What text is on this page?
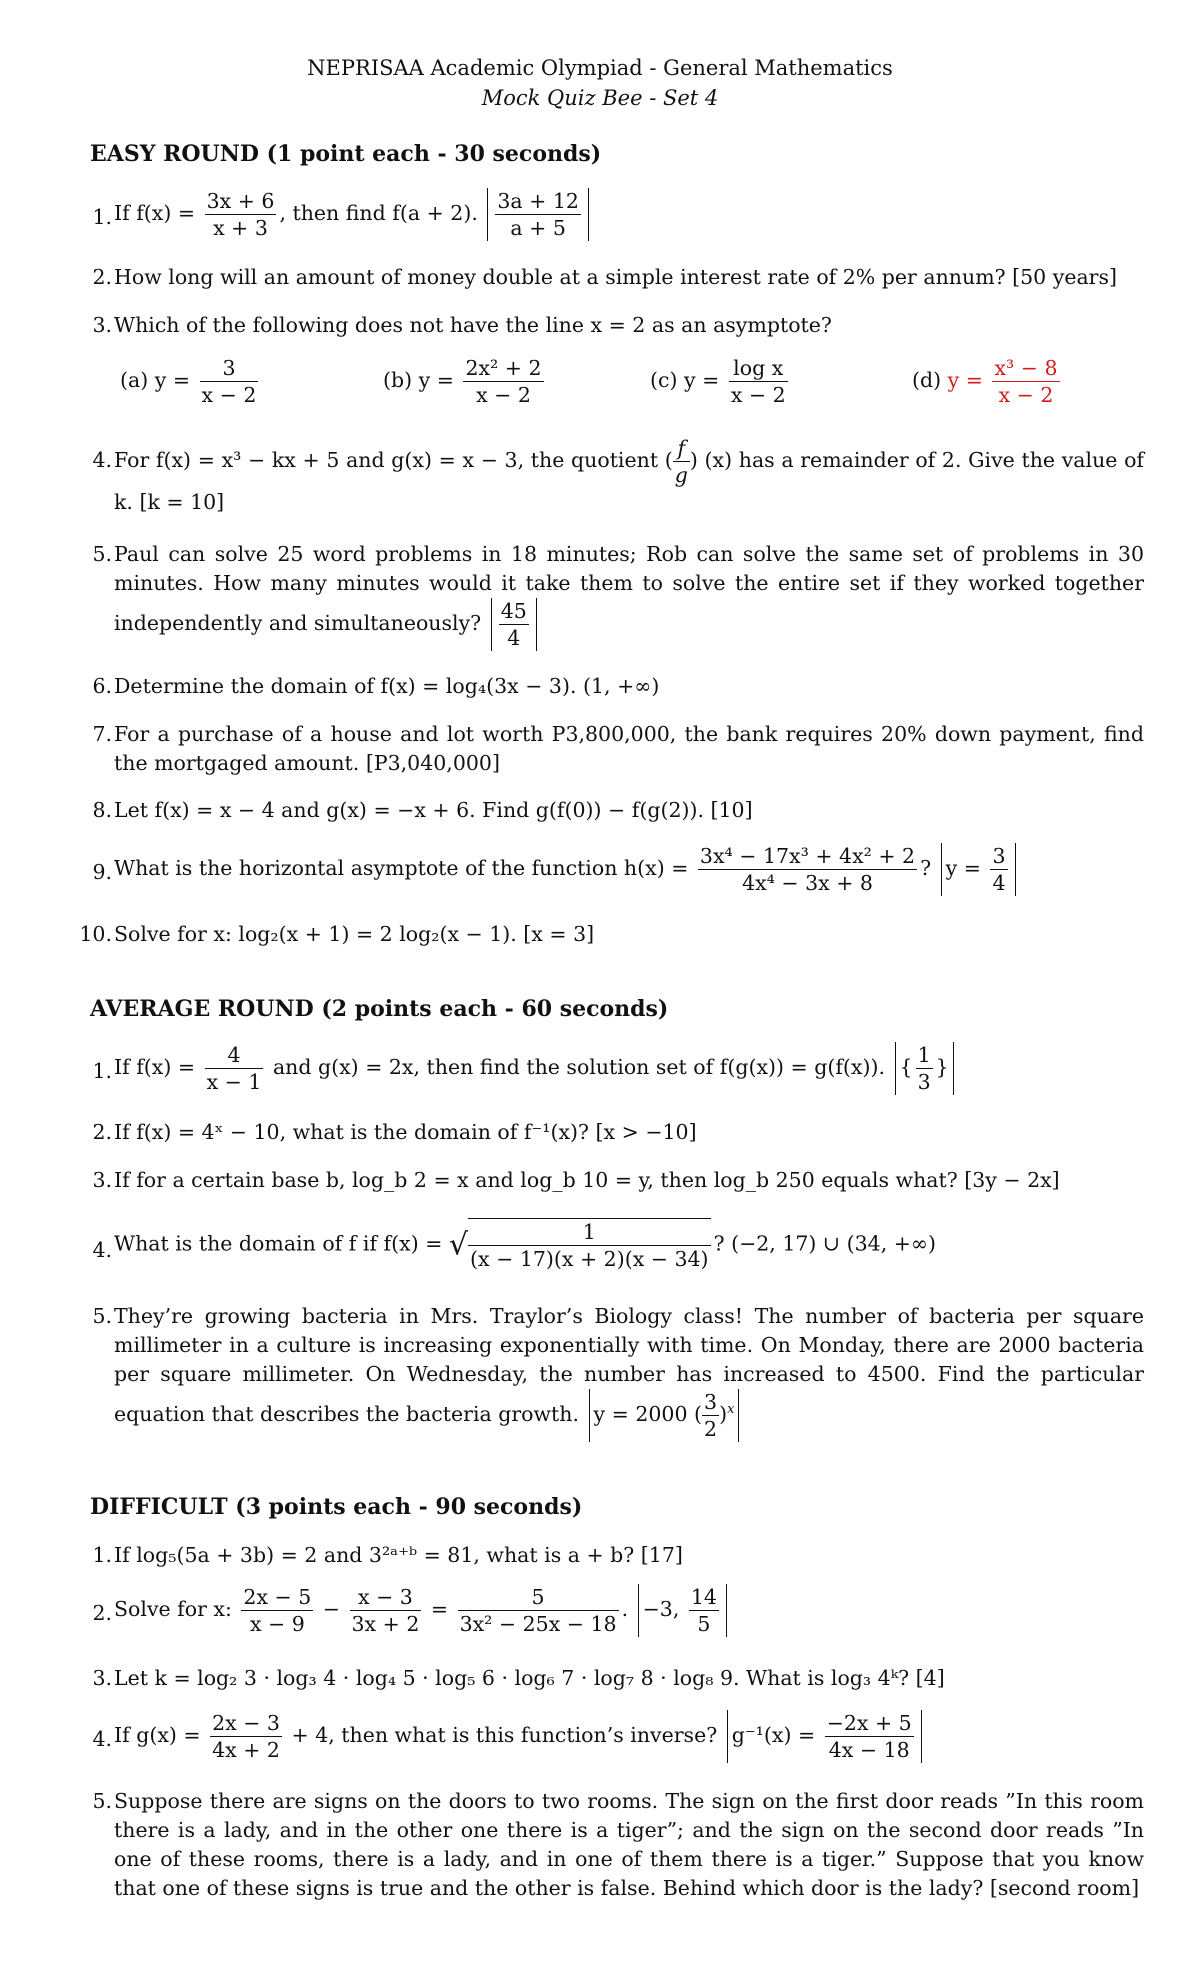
NEPRISAA Academic Olympiad - General Mathematics
Mock Quiz Bee - Set 4
EASY ROUND (1 point each - 30 seconds)
1. If $f(x) = \frac{3x + 6}{x + 3}$ , then find f(a + 2). $\frac{3a + 12}{a + 5}$
2. How long will an amount of money double at a simple interest rate of 2% per annum? [50 years]
3. Which of the following does not have the line x = 2 as an asymptote?
(a) $y = \frac{3}{x - 2}$	(b) $y = \frac{\text{2x² + 2}}{x - 2}$	(c) $y = \frac{\text{log x}}{x - 2}$	(d) $y = \frac{\text{x³ − 8}}{x - 2}$
4. For f(x) = x³ − kx + 5 and g(x) = x − 3, the quotient ( $\frac{f}{g}$ ) (x) has a remainder of 2. Give the value of k. [k = 10]
5. Paul can solve 25 word problems in 18 minutes; Rob can solve the same set of problems in 30 minutes. How many minutes would it take them to solve the entire set if they worked together independently and simultaneously? $\frac{45}{4}$
6. Determine the domain of f(x) = log₄(3x − 3). (1, +∞)
7. For a purchase of a house and lot worth P3,800,000, the bank requires 20% down payment, find the mortgaged amount. [P3,040,000]
8. Let f(x) = x − 4 and g(x) = −x + 6. Find g(f(0)) − f(g(2)). [10]
9. What is the horizontal asymptote of the function $h(x) = \frac{\text{3x⁴ − 17x³ + 4x² + 2}}{\text{4x⁴ − 3x + 8}}$ ? $y = \frac{3}{4}$
10. Solve for x: log₂(x + 1) = 2 log₂(x − 1). [x = 3]
AVERAGE ROUND (2 points each - 60 seconds)
1. If $f(x) = \frac{4}{x - 1}$ and g(x) = 2x, then find the solution set of f(g(x)) = g(f(x)). { $\frac{1}{3}$ }
2. If f(x) = 4ˣ − 10, what is the domain of f⁻¹(x)? [x > −10]
3. If for a certain base b, log_b 2 = x and log_b 10 = y, then log_b 250 equals what? [3y − 2x]
4. What is the domain of f if f(x) = √ $\frac{1}{(x - 17)(x + 2)(x - 34)}$ ? (−2, 17) ∪ (34, +∞)
5. They’re growing bacteria in Mrs. Traylor’s Biology class! The number of bacteria per square millimeter in a culture is increasing exponentially with time. On Monday, there are 2000 bacteria per square millimeter. On Wednesday, the number has increased to 4500. Find the particular equation that describes the bacteria growth. y = 2000 ( $\frac{3}{2} )^x$
DIFFICULT (3 points each - 90 seconds)
1. If log₅(5a + 3b) = 2 and 3²ᵃ⁺ᵇ = 81, what is a + b? [17]
2. Solve for x: $\frac{2x - 5}{x - 9} - \frac{x - 3}{3x + 2} = \frac{5}{\text{3x² − 25x − 18}}$ . −3, $\frac{14}{5}$
3. Let k = log₂ 3 · log₃ 4 · log₄ 5 · log₅ 6 · log₆ 7 · log₇ 8 · log₈ 9. What is log₃ 4ᵏ? [4]
4. If $g(x) = \frac{2x - 3}{4x + 2} + 4$, then what is this function’s inverse? $g^{-1}(x) = \frac{-2x + 5}{4x - 18}$
5. Suppose there are signs on the doors to two rooms. The sign on the first door reads ”In this room there is a lady, and in the other one there is a tiger”; and the sign on the second door reads ”In one of these rooms, there is a lady, and in one of them there is a tiger.” Suppose that you know that one of these signs is true and the other is false. Behind which door is the lady? [second room]
